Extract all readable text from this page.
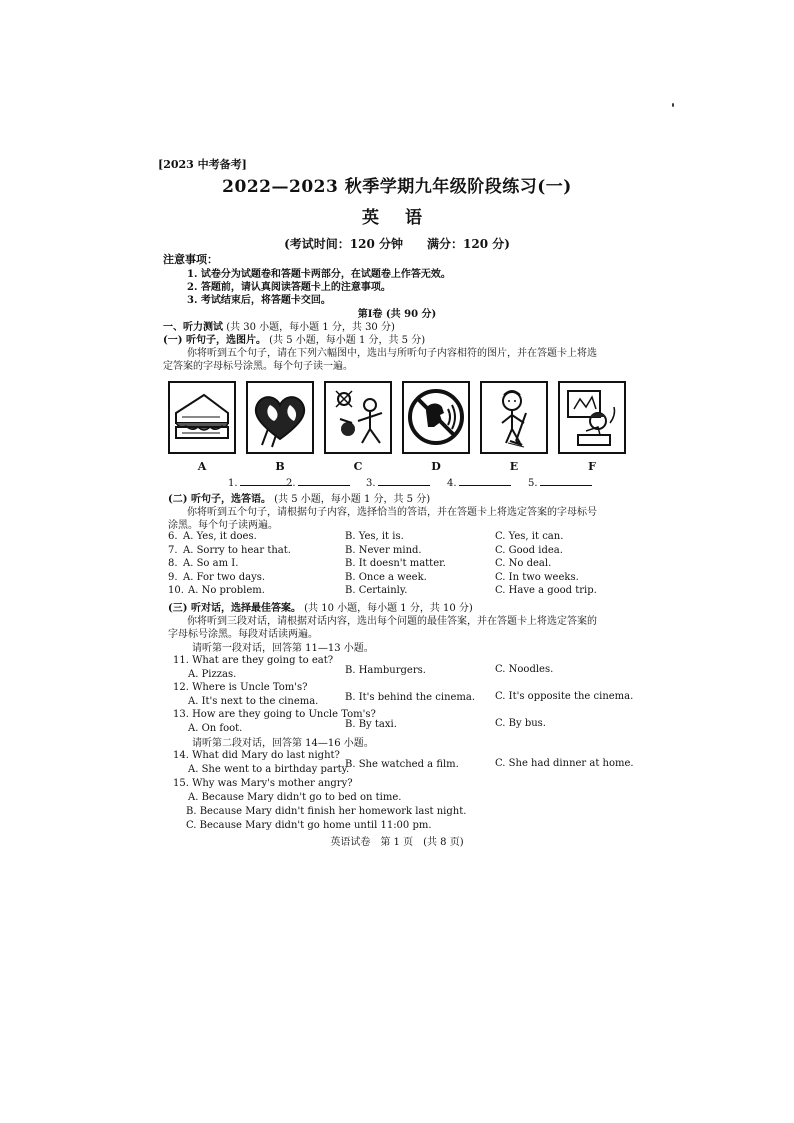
[2023 中考备考]
2022—2023 秋季学期九年级阶段练习(一)
英 语
(考试时间：120 分钟　　满分：120 分)
注意事项：
1. 试卷分为试题卷和答题卡两部分，在试题卷上作答无效。
2. 答题前，请认真阅读答题卡上的注意事项。
3. 考试结束后，将答题卡交回。
第Ⅰ卷 (共 90 分)
一、听力测试 (共 30 小题，每小题 1 分，共 30 分)
(一) 听句子，选图片。 (共 5 小题，每小题 1 分，共 5 分)
你将听到五个句子，请在下列六幅图中，选出与所听句子内容相符的图片，并在答题卡上将选
定答案的字母标号涂黑。每个句子读一遍。
A	B	C	D	E	F
1.	2.	3.	4.	5.
(二) 听句子，选答语。 (共 5 小题，每小题 1 分，共 5 分)
你将听到五个句子，请根据句子内容，选择恰当的答语，并在答题卡上将选定答案的字母标号
涂黑。每个句子读两遍。
6. A. Yes, it does.	B. Yes, it is.	C. Yes, it can.
7. A. Sorry to hear that.	B. Never mind.	C. Good idea.
8. A. So am I.	B. It doesn't matter.	C. No deal.
9. A. For two days.	B. Once a week.	C. In two weeks.
10. A. No problem.	B. Certainly.	C. Have a good trip.
(三) 听对话，选择最佳答案。 (共 10 小题，每小题 1 分，共 10 分)
你将听到三段对话，请根据对话内容，选出每个问题的最佳答案，并在答题卡上将选定答案的
字母标号涂黑。每段对话读两遍。
请听第一段对话，回答第 11—13 小题。
11. What are they going to eat?
A. Pizzas.	B. Hamburgers.	C. Noodles.
12. Where is Uncle Tom's?
A. It's next to the cinema.	B. It's behind the cinema. C. It's opposite the cinema.
13. How are they going to Uncle Tom's?
A. On foot.	B. By taxi.	C. By bus.
请听第二段对话，回答第 14—16 小题。
14. What did Mary do last night?
A. She went to a birthday party.
B. She watched a film.	C. She had dinner at home.
15. Why was Mary's mother angry?
A. Because Mary didn't go to bed on time.
B. Because Mary didn't finish her homework last night.
C. Because Mary didn't go home until 11:00 pm.
英语试卷　第 1 页　(共 8 页)
